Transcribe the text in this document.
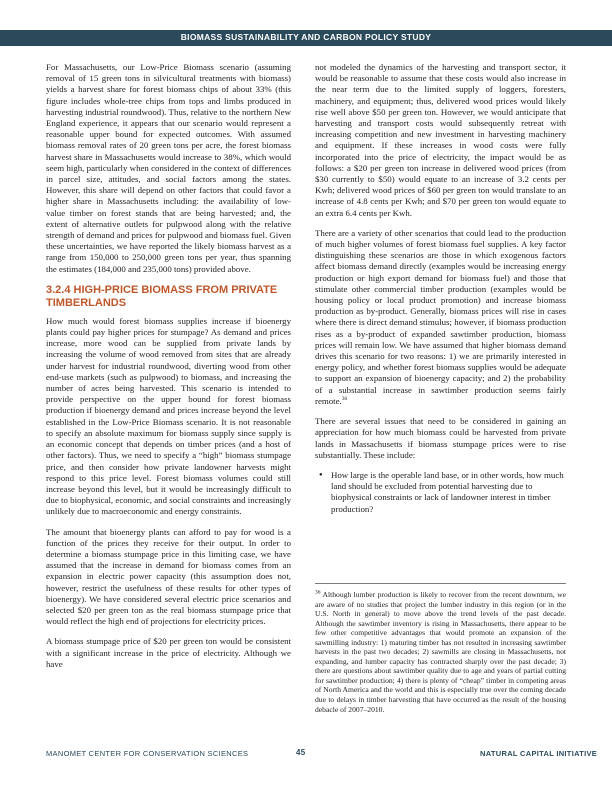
BIOMASS SUSTAINABILITY AND CARBON POLICY STUDY

For Massachusetts, our Low-Price Biomass scenario (assuming removal of 15 green tons in silvicultural treatments with biomass) yields a harvest share for forest biomass chips of about 33% (this figure includes whole-tree chips from tops and limbs produced in harvesting industrial roundwood). Thus, relative to the northern New England experience, it appears that our scenario would represent a reasonable upper bound for expected outcomes. With assumed biomass removal rates of 20 green tons per acre, the forest biomass harvest share in Massachusetts would increase to 38%, which would seem high, particularly when considered in the context of differences in parcel size, attitudes, and social factors among the states. However, this share will depend on other factors that could favor a higher share in Massachusetts including: the availability of low-value timber on forest stands that are being harvested; and, the extent of alternative outlets for pulpwood along with the relative strength of demand and prices for pulpwood and biomass fuel. Given these uncertainties, we have reported the likely biomass harvest as a range from 150,000 to 250,000 green tons per year, thus spanning the estimates (184,000 and 235,000 tons) provided above.

3.2.4 HIGH-PRICE BIOMASS FROM PRIVATE TIMBERLANDS

How much would forest biomass supplies increase if bioenergy plants could pay higher prices for stumpage? As demand and prices increase, more wood can be supplied from private lands by increasing the volume of wood removed from sites that are already under harvest for industrial roundwood, diverting wood from other end-use markets (such as pulpwood) to biomass, and increasing the number of acres being harvested. This scenario is intended to provide perspective on the upper bound for forest biomass production if bioenergy demand and prices increase beyond the level established in the Low-Price Biomass scenario. It is not reasonable to specify an absolute maximum for biomass supply since supply is an economic concept that depends on timber prices (and a host of other factors). Thus, we need to specify a “high” biomass stumpage price, and then consider how private landowner harvests might respond to this price level. Forest biomass volumes could still increase beyond this level, but it would be increasingly difficult to due to biophysical, economic, and social constraints and increasingly unlikely due to macroeconomic and energy constraints.

The amount that bioenergy plants can afford to pay for wood is a function of the prices they receive for their output. In order to determine a biomass stumpage price in this limiting case, we have assumed that the increase in demand for biomass comes from an expansion in electric power capacity (this assumption does not, however, restrict the usefulness of these results for other types of bioenergy). We have considered several electric price scenarios and selected $20 per green ton as the real biomass stumpage price that would reflect the high end of projections for electricity prices.

A biomass stumpage price of $20 per green ton would be consistent with a significant increase in the price of electricity. Although we have

not modeled the dynamics of the harvesting and transport sector, it would be reasonable to assume that these costs would also increase in the near term due to the limited supply of loggers, foresters, machinery, and equipment; thus, delivered wood prices would likely rise well above $50 per green ton. However, we would anticipate that harvesting and transport costs would subsequently retreat with increasing competition and new investment in harvesting machinery and equipment. If these increases in wood costs were fully incorporated into the price of electricity, the impact would be as follows: a $20 per green ton increase in delivered wood prices (from $30 currently to $50) would equate to an increase of 3.2 cents per Kwh; delivered wood prices of $60 per green ton would translate to an increase of 4.8 cents per Kwh; and $70 per green ton would equate to an extra 6.4 cents per Kwh.

There are a variety of other scenarios that could lead to the production of much higher volumes of forest biomass fuel supplies. A key factor distinguishing these scenarios are those in which exogenous factors affect biomass demand directly (examples would be increasing energy production or high export demand for biomass fuel) and those that stimulate other commercial timber production (examples would be housing policy or local product promotion) and increase biomass production as by-product. Generally, biomass prices will rise in cases where there is direct demand stimulus; however, if biomass production rises as a by-product of expanded sawtimber production, biomass prices will remain low. We have assumed that higher biomass demand drives this scenario for two reasons: 1) we are primarily interested in energy policy, and whether forest biomass supplies would be adequate to support an expansion of bioenergy capacity; and 2) the probability of a substantial increase in sawtimber production seems fairly remote.$^{36}$

There are several issues that need to be considered in gaining an appreciation for how much biomass could be harvested from private lands in Massachusetts if biomass stumpage prices were to rise substantially. These include:

● How large is the operable land base, or in other words, how much land should be excluded from potential harvesting due to biophysical constraints or lack of landowner interest in timber production?
$^{36}$ Although lumber production is likely to recover from the recent downturn, we are aware of no studies that project the lumber industry in this region (or in the U.S. North in general) to move above the trend levels of the past decade. Although the sawtimber inventory is rising in Massachusetts, there appear to be few other competitive advantages that would promote an expansion of the sawmilling industry: 1) maturing timber has not resulted in increasing sawtimber harvests in the past two decades; 2) sawmills are closing in Massachusetts, not expanding, and lumber capacity has contracted sharply over the past decade; 3) there are questions about sawtimber quality due to age and years of partial cutting for sawtimber production; 4) there is plenty of “cheap” timber in competing areas of North America and the world and this is especially true over the coming decade due to delays in timber harvesting that have occurred as the result of the housing debacle of 2007–2010.
MANOMET CENTER FOR CONSERVATION SCIENCES	45	NATURAL CAPITAL INITIATIVE
